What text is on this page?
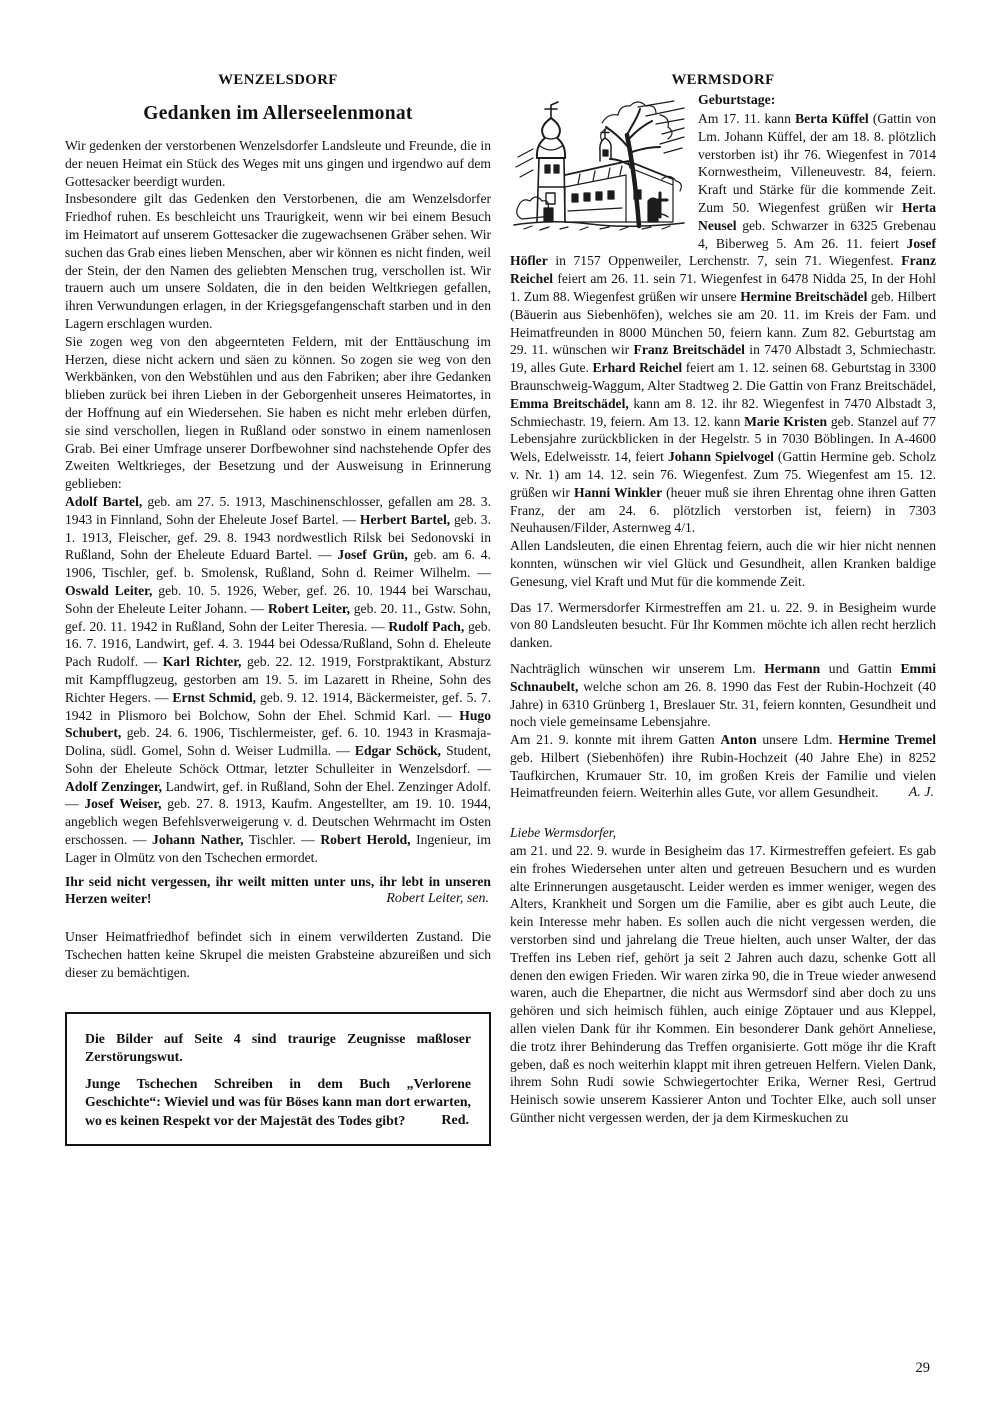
WENZELSDORF
Gedanken im Allerseelenmonat

Wir gedenken der verstorbenen Wenzelsdorfer Landsleute und Freunde, die in der neuen Heimat ein Stück des Weges mit uns gingen und irgendwo auf dem Gottesacker beerdigt wurden.

Insbesondere gilt das Gedenken den Verstorbenen, die am Wenzelsdorfer Friedhof ruhen. Es beschleicht uns Traurigkeit, wenn wir bei einem Besuch im Heimatort auf unserem Gottesacker die zugewachsenen Gräber sehen. Wir suchen das Grab eines lieben Menschen, aber wir können es nicht finden, weil der Stein, der den Namen des geliebten Menschen trug, verschollen ist. Wir trauern auch um unsere Soldaten, die in den beiden Weltkriegen gefallen, ihren Verwundungen erlagen, in der Kriegsgefangenschaft starben und in den Lagern erschlagen wurden.

Sie zogen weg von den abgeernteten Feldern, mit der Enttäuschung im Herzen, diese nicht ackern und säen zu können. So zogen sie weg von den Werkbänken, von den Webstühlen und aus den Fabriken; aber ihre Gedanken blieben zurück bei ihren Lieben in der Geborgenheit unseres Heimatortes, in der Hoffnung auf ein Wiedersehen. Sie haben es nicht mehr erleben dürfen, sie sind verschollen, liegen in Rußland oder sonstwo in einem namenlosen Grab. Bei einer Umfrage unserer Dorfbewohner sind nachstehende Opfer des Zweiten Weltkrieges, der Besetzung und der Ausweisung in Erinnerung geblieben:

Adolf Bartel, geb. am 27. 5. 1913, Maschinenschlosser, gefallen am 28. 3. 1943 in Finnland, Sohn der Eheleute Josef Bartel. — Herbert Bartel, geb. 3. 1. 1913, Fleischer, gef. 29. 8. 1943 nordwestlich Rilsk bei Sedonovski in Rußland, Sohn der Eheleute Eduard Bartel. — Josef Grün, geb. am 6. 4. 1906, Tischler, gef. b. Smolensk, Rußland, Sohn d. Reimer Wilhelm. — Oswald Leiter, geb. 10. 5. 1926, Weber, gef. 26. 10. 1944 bei Warschau, Sohn der Eheleute Leiter Johann. — Robert Leiter, geb. 20. 11., Gstw. Sohn, gef. 20. 11. 1942 in Rußland, Sohn der Leiter Theresia. — Rudolf Pach, geb. 16. 7. 1916, Landwirt, gef. 4. 3. 1944 bei Odessa/Rußland, Sohn d. Eheleute Pach Rudolf. — Karl Richter, geb. 22. 12. 1919, Forstpraktikant, Absturz mit Kampfflugzeug, gestorben am 19. 5. im Lazarett in Rheine, Sohn des Richter Hegers. — Ernst Schmid, geb. 9. 12. 1914, Bäckermeister, gef. 5. 7. 1942 in Plismoro bei Bolchow, Sohn der Ehel. Schmid Karl. — Hugo Schubert, geb. 24. 6. 1906, Tischlermeister, gef. 6. 10. 1943 in Krasmaja-Dolina, südl. Gomel, Sohn d. Weiser Ludmilla. — Edgar Schöck, Student, Sohn der Eheleute Schöck Ottmar, letzter Schulleiter in Wenzelsdorf. — Adolf Zenzinger, Landwirt, gef. in Rußland, Sohn der Ehel. Zenzinger Adolf. — Josef Weiser, geb. 27. 8. 1913, Kaufm. Angestellter, am 19. 10. 1944, angeblich wegen Befehlsverweigerung v. d. Deutschen Wehrmacht im Osten erschossen. — Johann Nather, Tischler. — Robert Herold, Ingenieur, im Lager in Olmütz von den Tschechen ermordet.

Ihr seid nicht vergessen, ihr weilt mitten unter uns, ihr lebt in unseren Herzen weiter!	Robert Leiter, sen.

Unser Heimatfriedhof befindet sich in einem verwilderten Zustand. Die Tschechen hatten keine Skrupel die meisten Grabsteine abzureißen und sich dieser zu bemächtigen.

Die Bilder auf Seite 4 sind traurige Zeugnisse maßloser Zerstörungswut.

Junge Tschechen Schreiben in dem Buch „Verlorene Geschichte“: Wieviel und was für Böses kann man dort erwarten, wo es keinen Respekt vor der Majestät des Todes gibt?	Red.

WERMSDORF
Geburtstage:

Am 17. 11. kann Berta Küffel (Gattin von Lm. Johann Küffel, der am 18. 8. plötzlich verstorben ist) ihr 76. Wiegenfest in 7014 Kornwestheim, Villeneuvestr. 84, feiern. Kraft und Stärke für die kommende Zeit. Zum 50. Wiegenfest grüßen wir Herta Neusel geb. Schwarzer in 6325 Grebenau 4, Biberweg 5. Am 26. 11. feiert Josef Höfler in 7157 Oppenweiler, Lerchenstr. 7, sein 71. Wiegenfest. Franz Reichel feiert am 26. 11. sein 71. Wiegenfest in 6478 Nidda 25, In der Hohl 1. Zum 88. Wiegenfest grüßen wir unsere Hermine Breitschädel geb. Hilbert (Bäuerin aus Siebenhöfen), welches sie am 20. 11. im Kreis der Fam. und Heimatfreunden in 8000 München 50, feiern kann. Zum 82. Geburtstag am 29. 11. wünschen wir Franz Breitschädel in 7470 Albstadt 3, Schmiechastr. 19, alles Gute. Erhard Reichel feiert am 1. 12. seinen 68. Geburtstag in 3300 Braunschweig-Waggum, Alter Stadtweg 2. Die Gattin von Franz Breitschädel, Emma Breitschädel, kann am 8. 12. ihr 82. Wiegenfest in 7470 Albstadt 3, Schmiechastr. 19, feiern. Am 13. 12. kann Marie Kristen geb. Stanzel auf 77 Lebensjahre zurückblicken in der Hegelstr. 5 in 7030 Böblingen. In A-4600 Wels, Edelweisstr. 14, feiert Johann Spielvogel (Gattin Hermine geb. Scholz v. Nr. 1) am 14. 12. sein 76. Wiegenfest. Zum 75. Wiegenfest am 15. 12. grüßen wir Hanni Winkler (heuer muß sie ihren Ehrentag ohne ihren Gatten Franz, der am 24. 6. plötzlich verstorben ist, feiern) in 7303 Neuhausen/Filder, Asternweg 4/1.

Allen Landsleuten, die einen Ehrentag feiern, auch die wir hier nicht nennen konnten, wünschen wir viel Glück und Gesundheit, allen Kranken baldige Genesung, viel Kraft und Mut für die kommende Zeit.

Das 17. Wermersdorfer Kirmestreffen am 21. u. 22. 9. in Besigheim wurde von 80 Landsleuten besucht. Für Ihr Kommen möchte ich allen recht herzlich danken.

Nachträglich wünschen wir unserem Lm. Hermann und Gattin Emmi Schnaubelt, welche schon am 26. 8. 1990 das Fest der Rubin-Hochzeit (40 Jahre) in 6310 Grünberg 1, Breslauer Str. 31, feiern konnten, Gesundheit und noch viele gemeinsame Lebensjahre.

Am 21. 9. konnte mit ihrem Gatten Anton unsere Ldm. Hermine Tremel geb. Hilbert (Siebenhöfen) ihre Rubin-Hochzeit (40 Jahre Ehe) in 8252 Taufkirchen, Krumauer Str. 10, im großen Kreis der Familie und vielen Heimatfreunden feiern. Weiterhin alles Gute, vor allem Gesundheit.	A. J.

Liebe Wermsdorfer,

am 21. und 22. 9. wurde in Besigheim das 17. Kirmestreffen gefeiert. Es gab ein frohes Wiedersehen unter alten und getreuen Besuchern und es wurden alte Erinnerungen ausgetauscht. Leider werden es immer weniger, wegen des Alters, Krankheit und Sorgen um die Familie, aber es gibt auch Leute, die kein Interesse mehr haben. Es sollen auch die nicht vergessen werden, die verstorben sind und jahrelang die Treue hielten, auch unser Walter, der das Treffen ins Leben rief, gehört ja seit 2 Jahren auch dazu, schenke Gott all denen den ewigen Frieden. Wir waren zirka 90, die in Treue wieder anwesend waren, auch die Ehepartner, die nicht aus Wermsdorf sind aber doch zu uns gehören und sich heimisch fühlen, auch einige Zöptauer und aus Kleppel, allen vielen Dank für ihr Kommen. Ein besonderer Dank gehört Anneliese, die trotz ihrer Behinderung das Treffen organisierte. Gott möge ihr die Kraft geben, daß es noch weiterhin klappt mit ihren getreuen Helfern. Vielen Dank, ihrem Sohn Rudi sowie Schwiegertochter Erika, Werner Resi, Gertrud Heinisch sowie unserem Kassierer Anton und Tochter Elke, auch soll unser Günther nicht vergessen werden, der ja dem Kirmeskuchen zu

29
